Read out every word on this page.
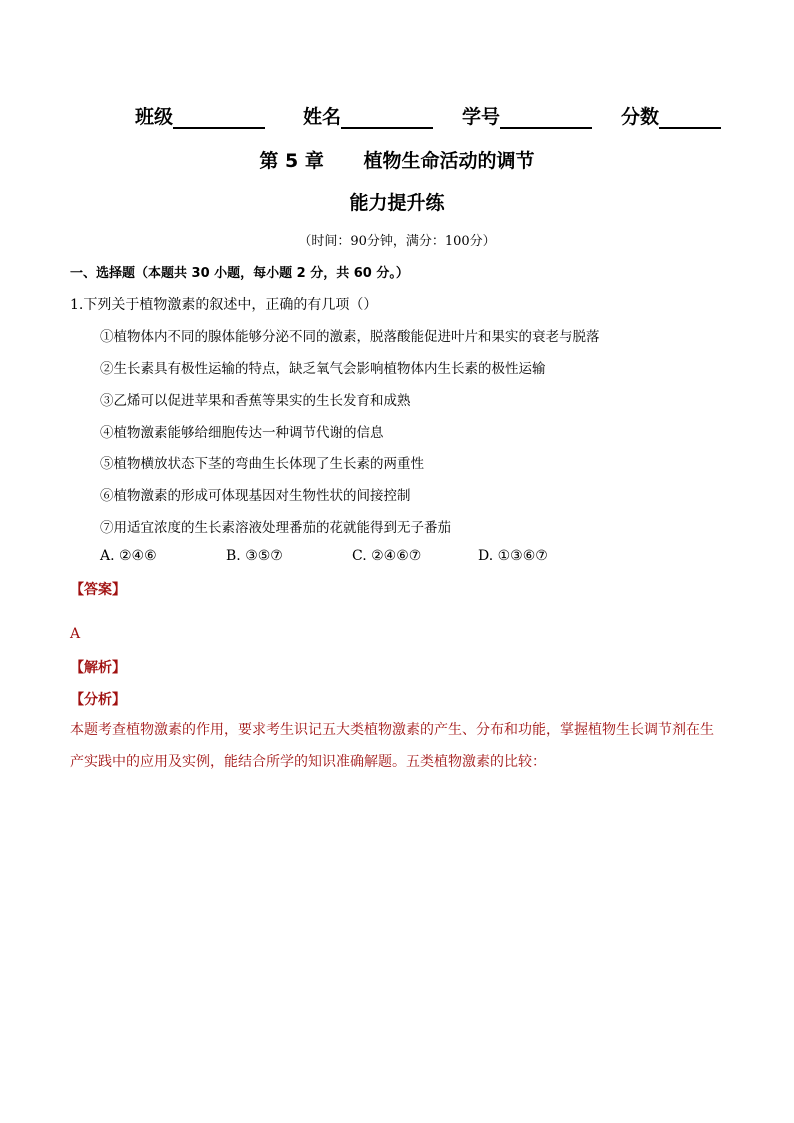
班级	姓名	学号	分数
第 5 章      植物生命活动的调节
能力提升练
（时间：90分钟，满分：100分）
一、选择题（本题共 30 小题，每小题 2 分，共 60 分。）
1.下列关于植物激素的叙述中，正确的有几项（）
①植物体内不同的腺体能够分泌不同的激素，脱落酸能促进叶片和果实的衰老与脱落
②生长素具有极性运输的特点，缺乏氧气会影响植物体内生长素的极性运输
③乙烯可以促进苹果和香蕉等果实的生长发育和成熟
④植物激素能够给细胞传达一种调节代谢的信息
⑤植物横放状态下茎的弯曲生长体现了生长素的两重性
⑥植物激素的形成可体现基因对生物性状的间接控制
⑦用适宜浓度的生长素溶液处理番茄的花就能得到无子番茄
A. ②④⑥	B. ③⑤⑦	C. ②④⑥⑦	D. ①③⑥⑦
【答案】
A
【解析】
【分析】
本题考查植物激素的作用，要求考生识记五大类植物激素的产生、分布和功能，掌握植物生长调节剂在生
产实践中的应用及实例，能结合所学的知识准确解题。五类植物激素的比较：
